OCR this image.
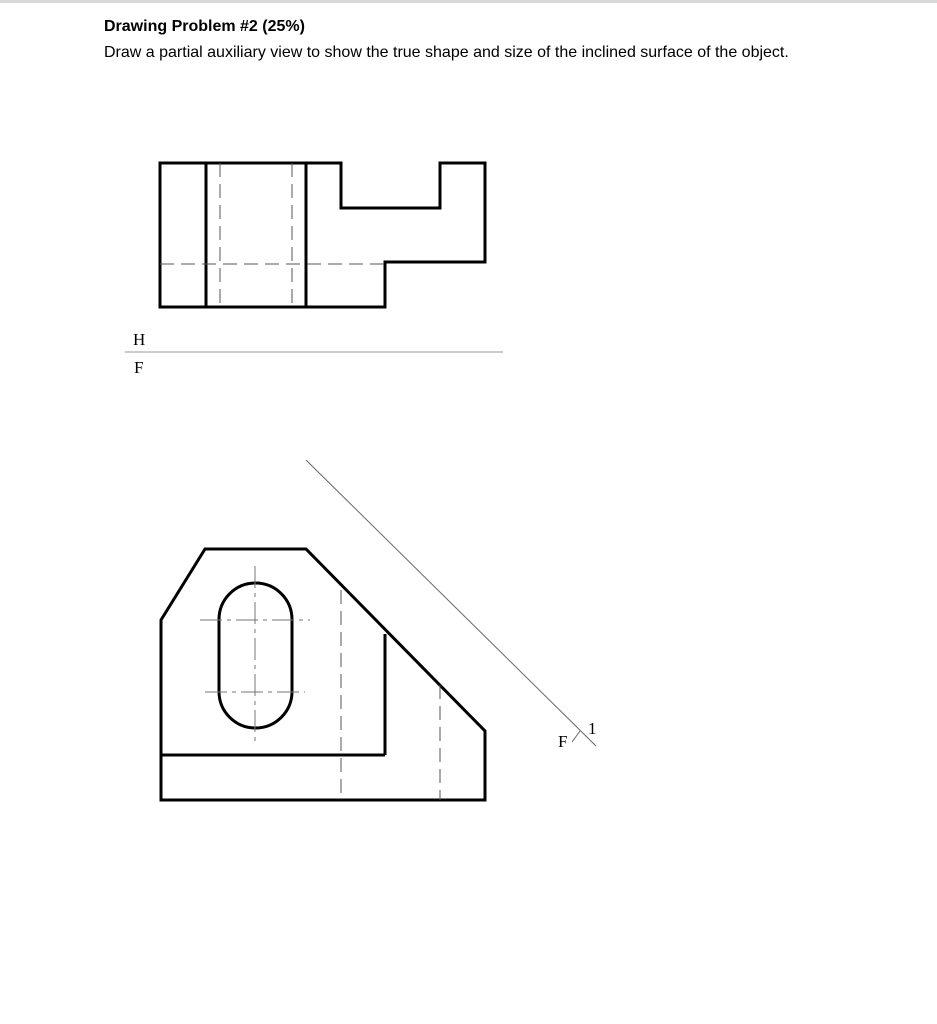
Drawing Problem #2 (25%)
Draw a partial auxiliary view to show the true shape and size of the inclined surface of the object.
H
F
F
1
